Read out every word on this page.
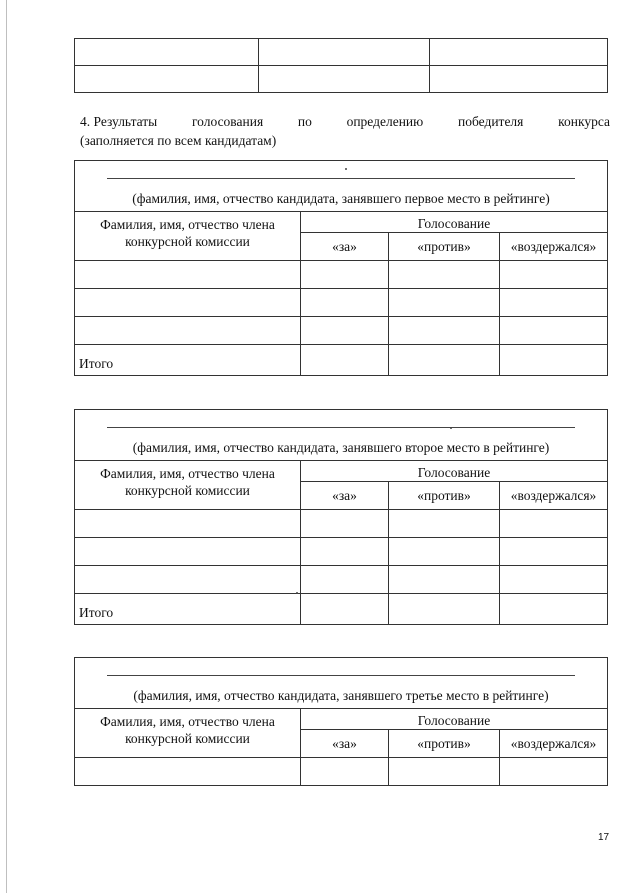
4. Результаты	голосования	по	определению	победителя	конкурса
(заполняется по всем кандидатам)
(фамилия, имя, отчество кандидата, занявшего первое место в рейтинге)			
Фамилия, имя, отчество члена конкурсной комиссии	Голосование		
	«за»	«против»	«воздержался»

Итого			
(фамилия, имя, отчество кандидата, занявшего второе место в рейтинге)			
Фамилия, имя, отчество члена конкурсной комиссии	Голосование		
	«за»	«против»	«воздержался»

Итого			
(фамилия, имя, отчество кандидата, занявшего третье место в рейтинге)			
Фамилия, имя, отчество члена конкурсной комиссии	Голосование		
	«за»	«против»	«воздержался»

17
